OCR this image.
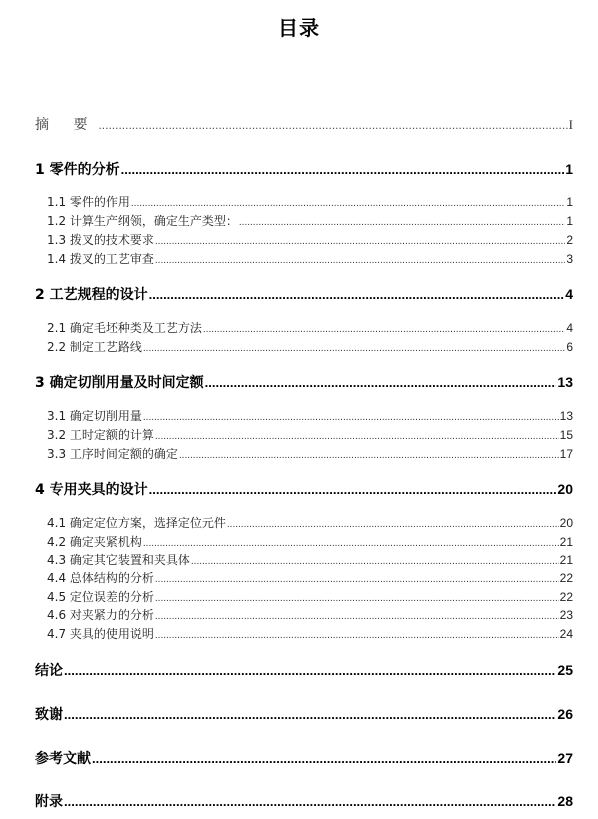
目录
摘 要 .....	I
1 零件的分析 .....	1
1.1 零件的作用 .....	1
1.2 计算生产纲领，确定生产类型： .....	1
1.3 拨叉的技术要求 .....	2
1.4 拨叉的工艺审查 .....	3
2 工艺规程的设计 .....	4
2.1 确定毛坯种类及工艺方法 .....	4
2.2 制定工艺路线 .....	6
3 确定切削用量及时间定额 .....	13
3.1 确定切削用量 .....	13
3.2 工时定额的计算 .....	15
3.3 工序时间定额的确定 .....	17
4 专用夹具的设计 .....	20
4.1 确定定位方案，选择定位元件 .....	20
4.2 确定夹紧机构 .....	21
4.3 确定其它装置和夹具体 .....	21
4.4 总体结构的分析 .....	22
4.5 定位误差的分析 .....	22
4.6 对夹紧力的分析 .....	23
4.7 夹具的使用说明 .....	24
结论 .....	25
致谢 .....	26
参考文献 .....	27
附录 .....	28
